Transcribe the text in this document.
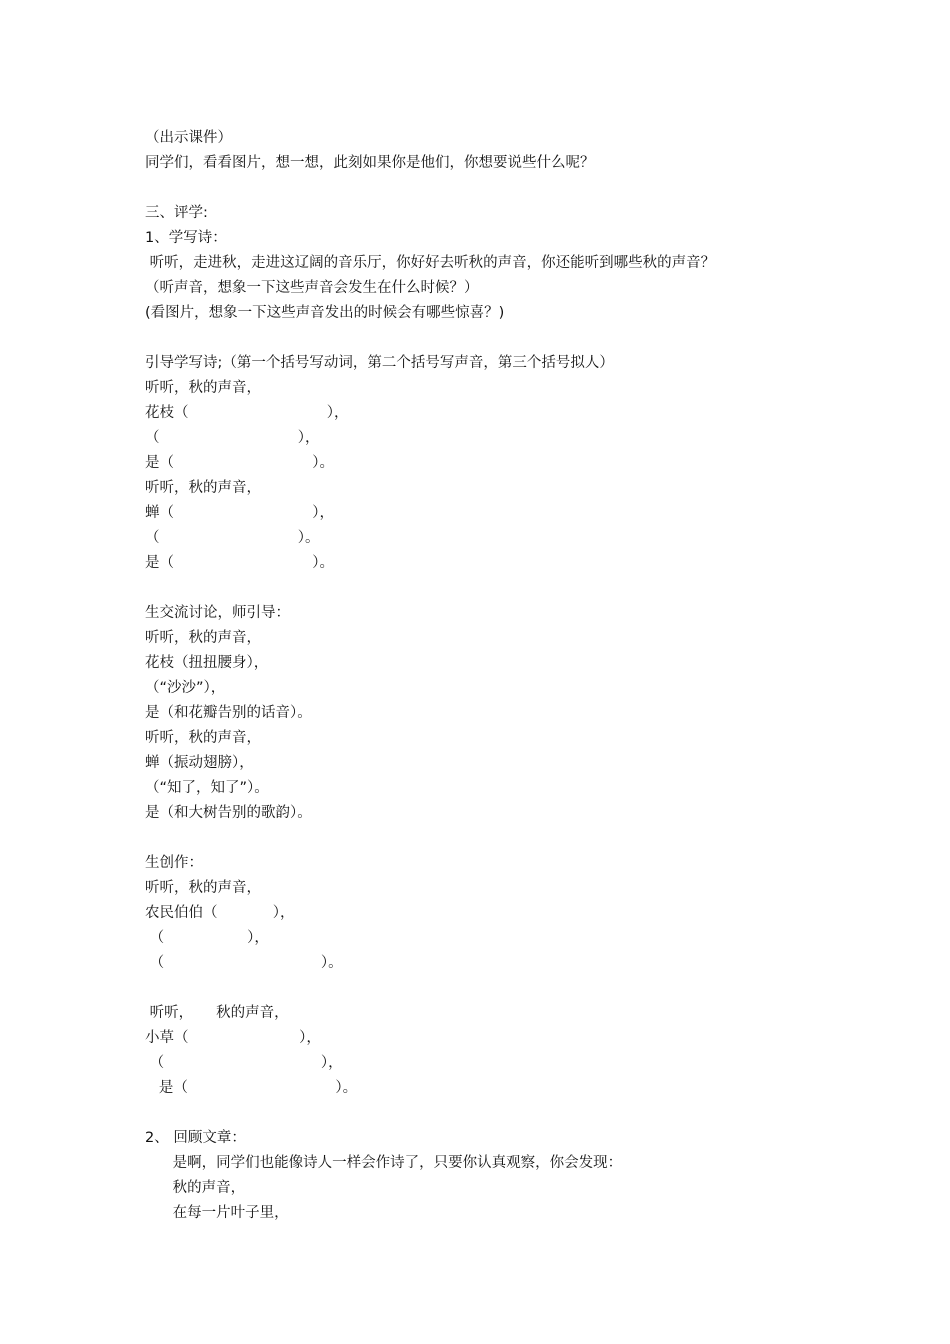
（出示课件）

同学们，看看图片，想一想，此刻如果你是他们，你想要说些什么呢？

三、评学:

1、学写诗：

听听，走进秋，走进这辽阔的音乐厅，你好好去听秋的声音，你还能听到哪些秋的声音？

（听声音，想象一下这些声音会发生在什么时候？）

(看图片，想象一下这些声音发出的时候会有哪些惊喜？)

引导学写诗;（第一个括号写动词，第二个括号写声音，第三个括号拟人）

听听，秋的声音，

花枝（                              ），

（                              ），

是（                              ）。

听听，秋的声音，

蝉（                              ），

（                              ）。

是（                              ）。

生交流讨论，师引导：

听听，秋的声音，

花枝（扭扭腰身），

（“沙沙”），

是（和花瓣告别的话音）。

听听，秋的声音，

蝉（振动翅膀），

（“知了，知了”）。

是（和大树告别的歌韵）。

生创作：

听听，秋的声音，

农民伯伯（            ），

（                  ），

（                                  ）。

听听，     秋的声音，

小草（                        ），

（                                  ），

是（                                ）。

2、 回顾文章：

是啊，同学们也能像诗人一样会作诗了，只要你认真观察，你会发现：

秋的声音，

在每一片叶子里，
